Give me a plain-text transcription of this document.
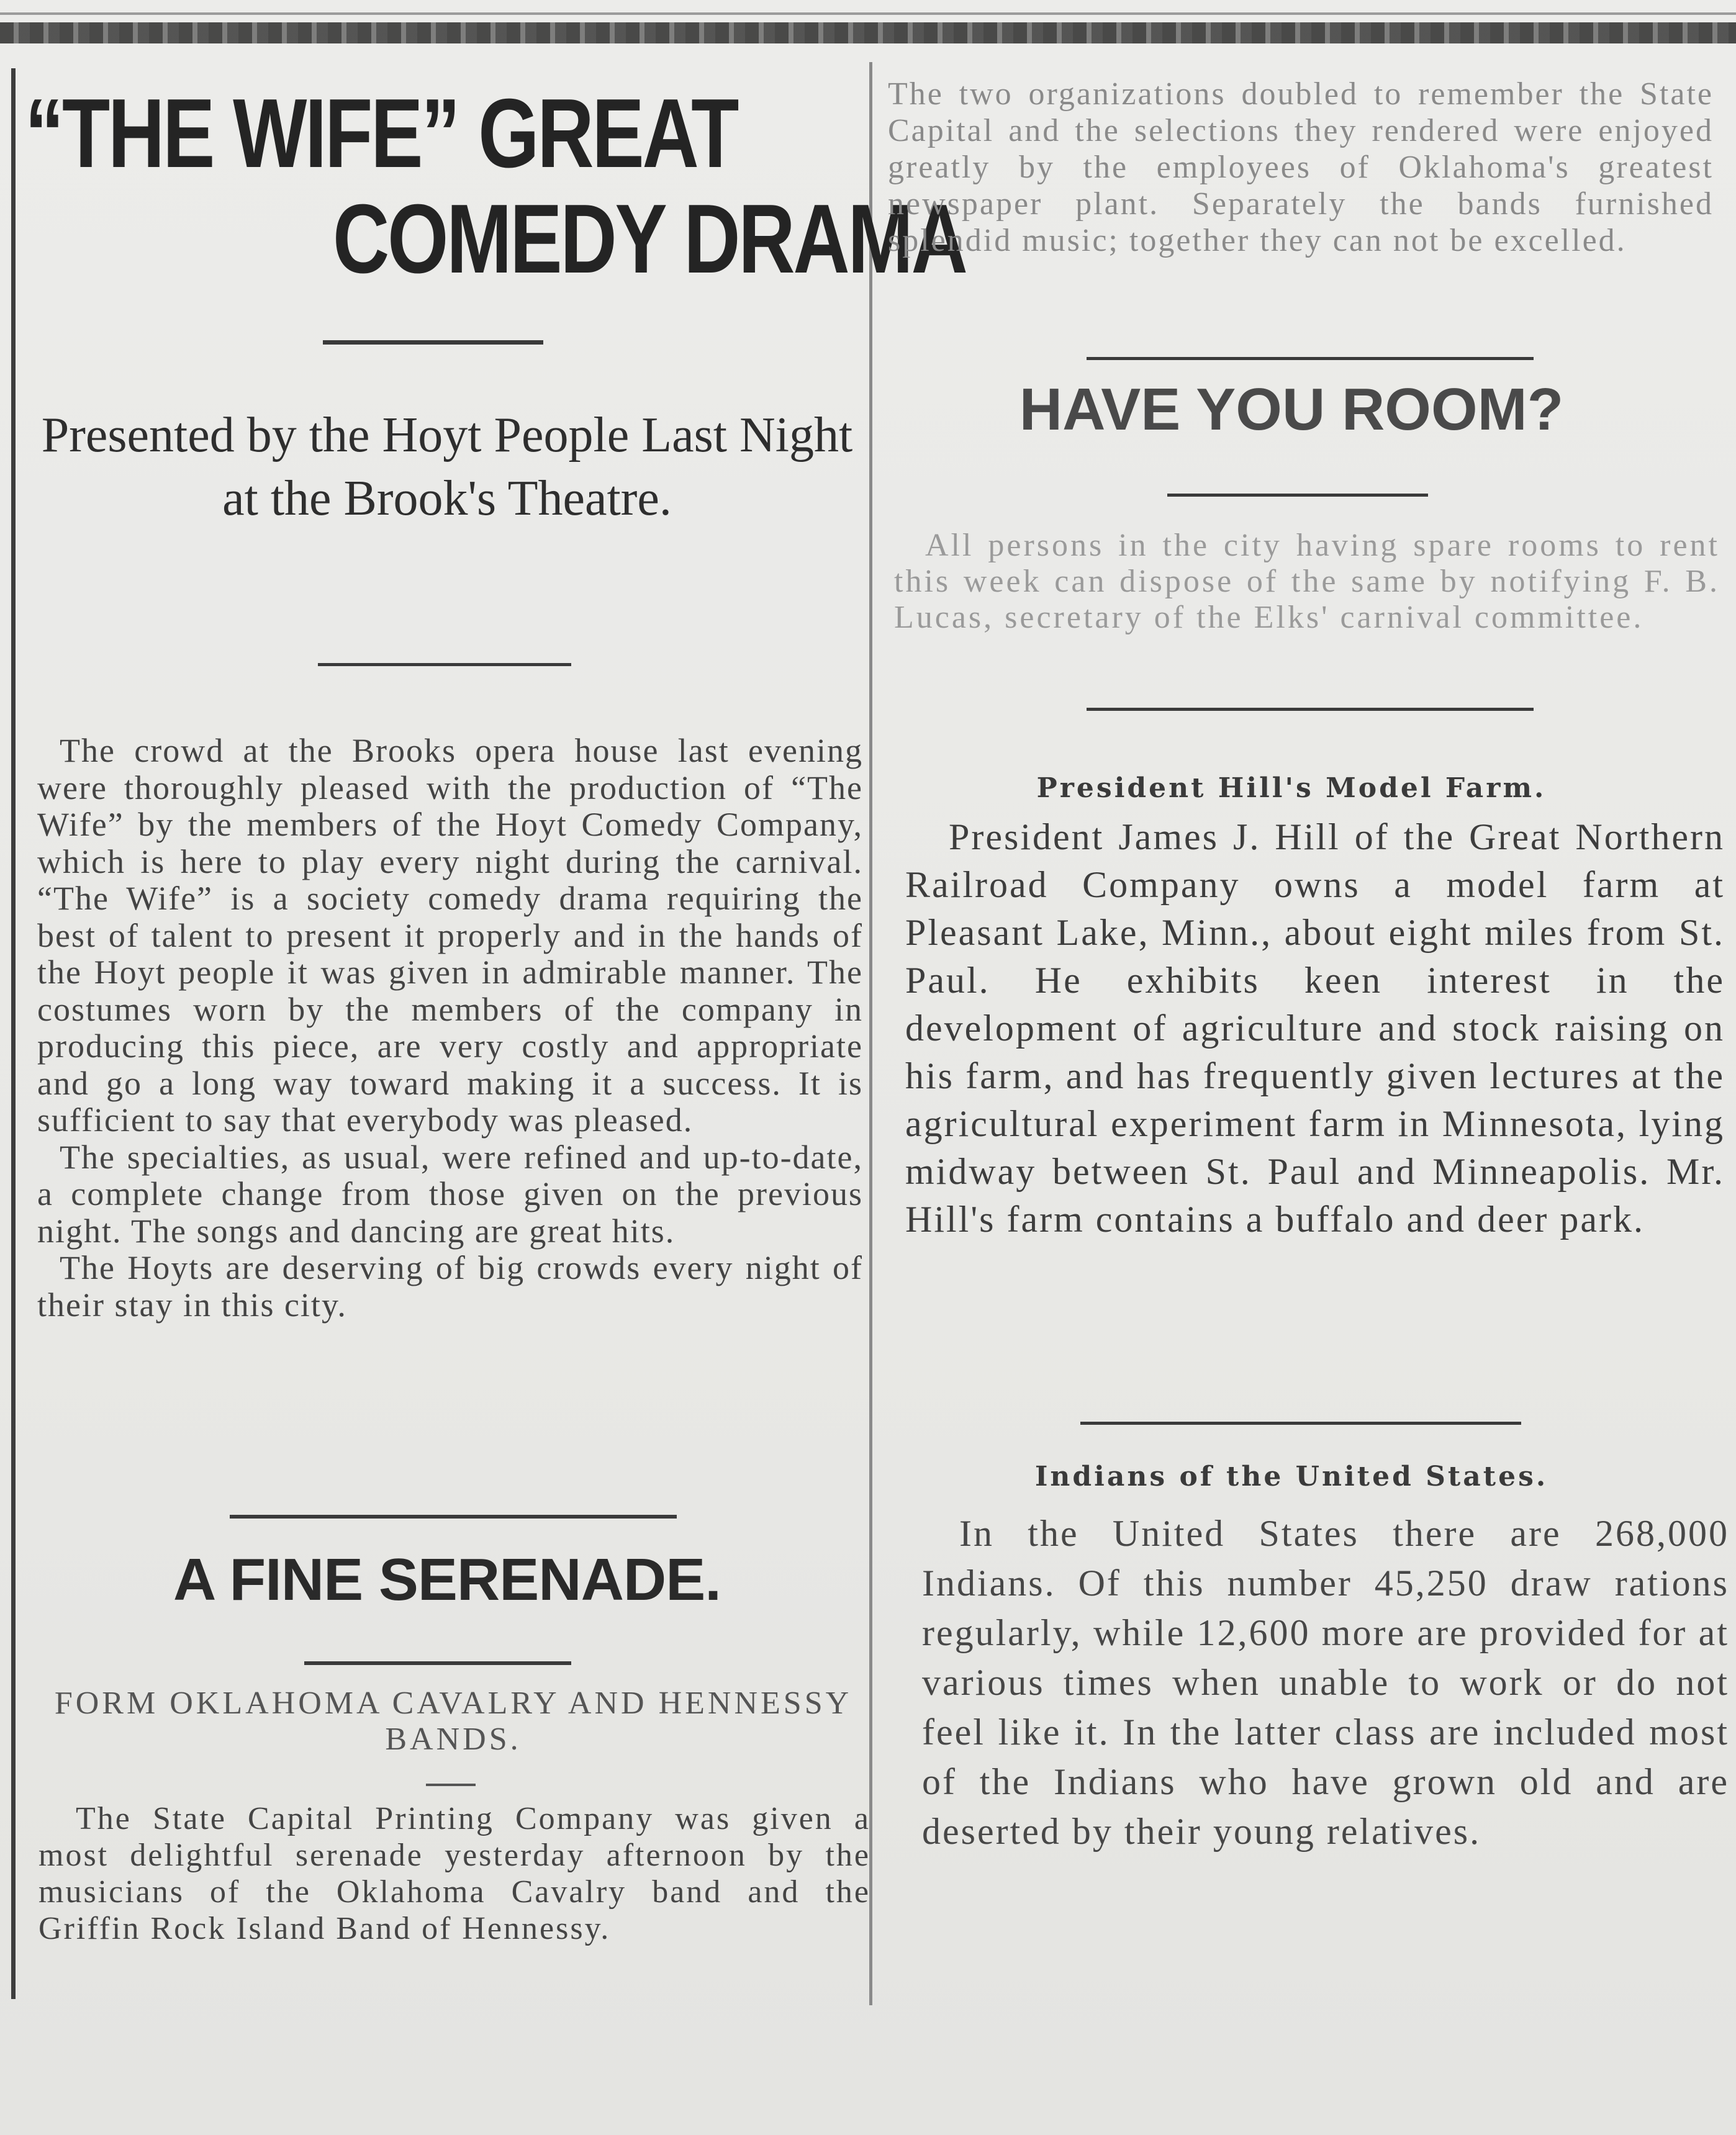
“THE WIFE” GREAT
COMEDY DRAMA
Presented by the Hoyt People Last Night at the Brook's Theatre.

The crowd at the Brooks opera house last evening were thoroughly pleased with the production of “The Wife” by the members of the Hoyt Comedy Company, which is here to play every night during the carnival. “The Wife” is a society comedy drama requiring the best of talent to present it properly and in the hands of the Hoyt people it was given in admirable manner. The costumes worn by the members of the company in producing this piece, are very costly and appropriate and go a long way toward making it a success. It is sufficient to say that everybody was pleased.

The specialties, as usual, were refined and up-to-date, a complete change from those given on the previous night. The songs and dancing are great hits.

The Hoyts are deserving of big crowds every night of their stay in this city.

A FINE SERENADE.
FORM OKLAHOMA CAVALRY AND HENNESSY BANDS.

The State Capital Printing Company was given a most delightful serenade yesterday afternoon by the musicians of the Oklahoma Cavalry band and the Griffin Rock Island Band of Hennessy.

The two organizations doubled to remember the State Capital and the selections they rendered were enjoyed greatly by the employees of Oklahoma's greatest newspaper plant. Separately the bands furnished splendid music; together they can not be excelled.

HAVE YOU ROOM?

All persons in the city having spare rooms to rent this week can dispose of the same by notifying F. B. Lucas, secretary of the Elks' carnival committee.

President Hill's Model Farm.

President James J. Hill of the Great Northern Railroad Company owns a model farm at Pleasant Lake, Minn., about eight miles from St. Paul. He exhibits keen interest in the development of agriculture and stock raising on his farm, and has frequently given lectures at the agricultural experiment farm in Minnesota, lying midway between St. Paul and Minneapolis. Mr. Hill's farm contains a buffalo and deer park.

Indians of the United States.

In the United States there are 268,000 Indians. Of this number 45,250 draw rations regularly, while 12,600 more are provided for at various times when unable to work or do not feel like it. In the latter class are included most of the Indians who have grown old and are deserted by their young relatives.
